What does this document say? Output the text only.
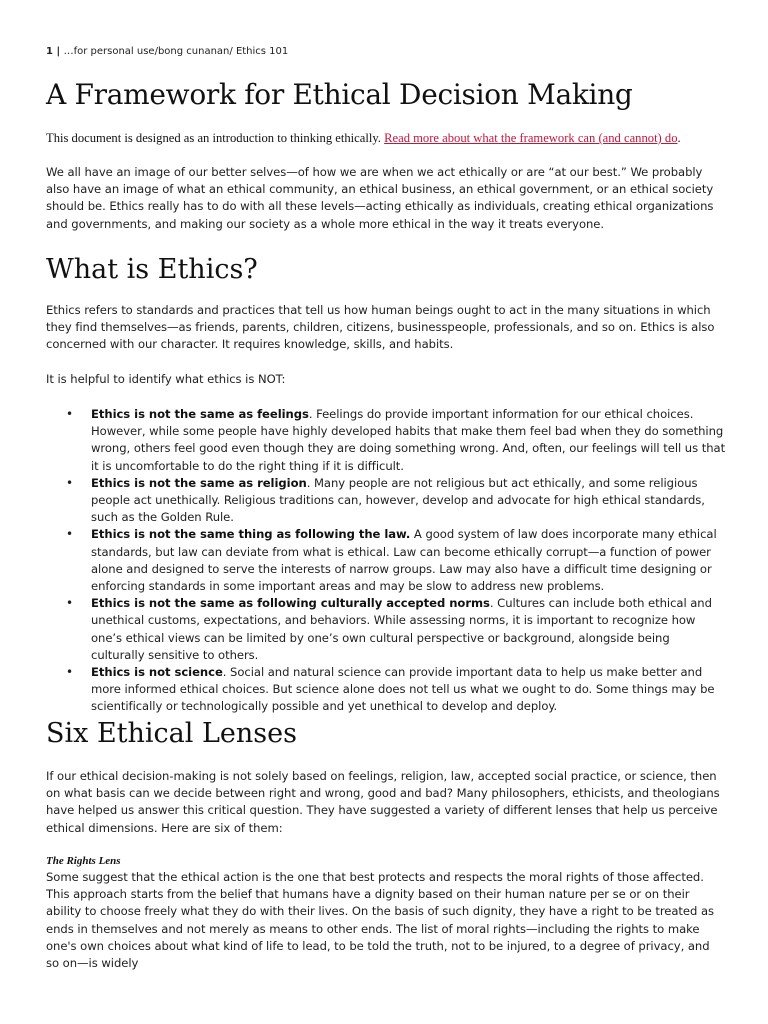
1 | …for personal use/bong cunanan/ Ethics 101
A Framework for Ethical Decision Making
This document is designed as an introduction to thinking ethically. Read more about what the framework can (and cannot) do.

We all have an image of our better selves—of how we are when we act ethically or are “at our best.” We probably also have an image of what an ethical community, an ethical business, an ethical government, or an ethical society should be. Ethics really has to do with all these levels—acting ethically as individuals, creating ethical organizations and governments, and making our society as a whole more ethical in the way it treats everyone.

What is Ethics?

Ethics refers to standards and practices that tell us how human beings ought to act in the many situations in which they find themselves—as friends, parents, children, citizens, businesspeople, professionals, and so on. Ethics is also concerned with our character. It requires knowledge, skills, and habits.

It is helpful to identify what ethics is NOT:

• Ethics is not the same as feelings. Feelings do provide important information for our ethical choices. However, while some people have highly developed habits that make them feel bad when they do something wrong, others feel good even though they are doing something wrong. And, often, our feelings will tell us that it is uncomfortable to do the right thing if it is difficult.
• Ethics is not the same as religion. Many people are not religious but act ethically, and some religious people act unethically. Religious traditions can, however, develop and advocate for high ethical standards, such as the Golden Rule.
• Ethics is not the same thing as following the law. A good system of law does incorporate many ethical standards, but law can deviate from what is ethical. Law can become ethically corrupt—a function of power alone and designed to serve the interests of narrow groups. Law may also have a difficult time designing or enforcing standards in some important areas and may be slow to address new problems.
• Ethics is not the same as following culturally accepted norms. Cultures can include both ethical and unethical customs, expectations, and behaviors. While assessing norms, it is important to recognize how one’s ethical views can be limited by one’s own cultural perspective or background, alongside being culturally sensitive to others.
• Ethics is not science. Social and natural science can provide important data to help us make better and more informed ethical choices. But science alone does not tell us what we ought to do. Some things may be scientifically or technologically possible and yet unethical to develop and deploy.
Six Ethical Lenses

If our ethical decision-making is not solely based on feelings, religion, law, accepted social practice, or science, then on what basis can we decide between right and wrong, good and bad? Many philosophers, ethicists, and theologians have helped us answer this critical question. They have suggested a variety of different lenses that help us perceive ethical dimensions. Here are six of them:

The Rights Lens

Some suggest that the ethical action is the one that best protects and respects the moral rights of those affected. This approach starts from the belief that humans have a dignity based on their human nature per se or on their ability to choose freely what they do with their lives. On the basis of such dignity, they have a right to be treated as ends in themselves and not merely as means to other ends. The list of moral rights—including the rights to make one's own choices about what kind of life to lead, to be told the truth, not to be injured, to a degree of privacy, and so on—is widely
